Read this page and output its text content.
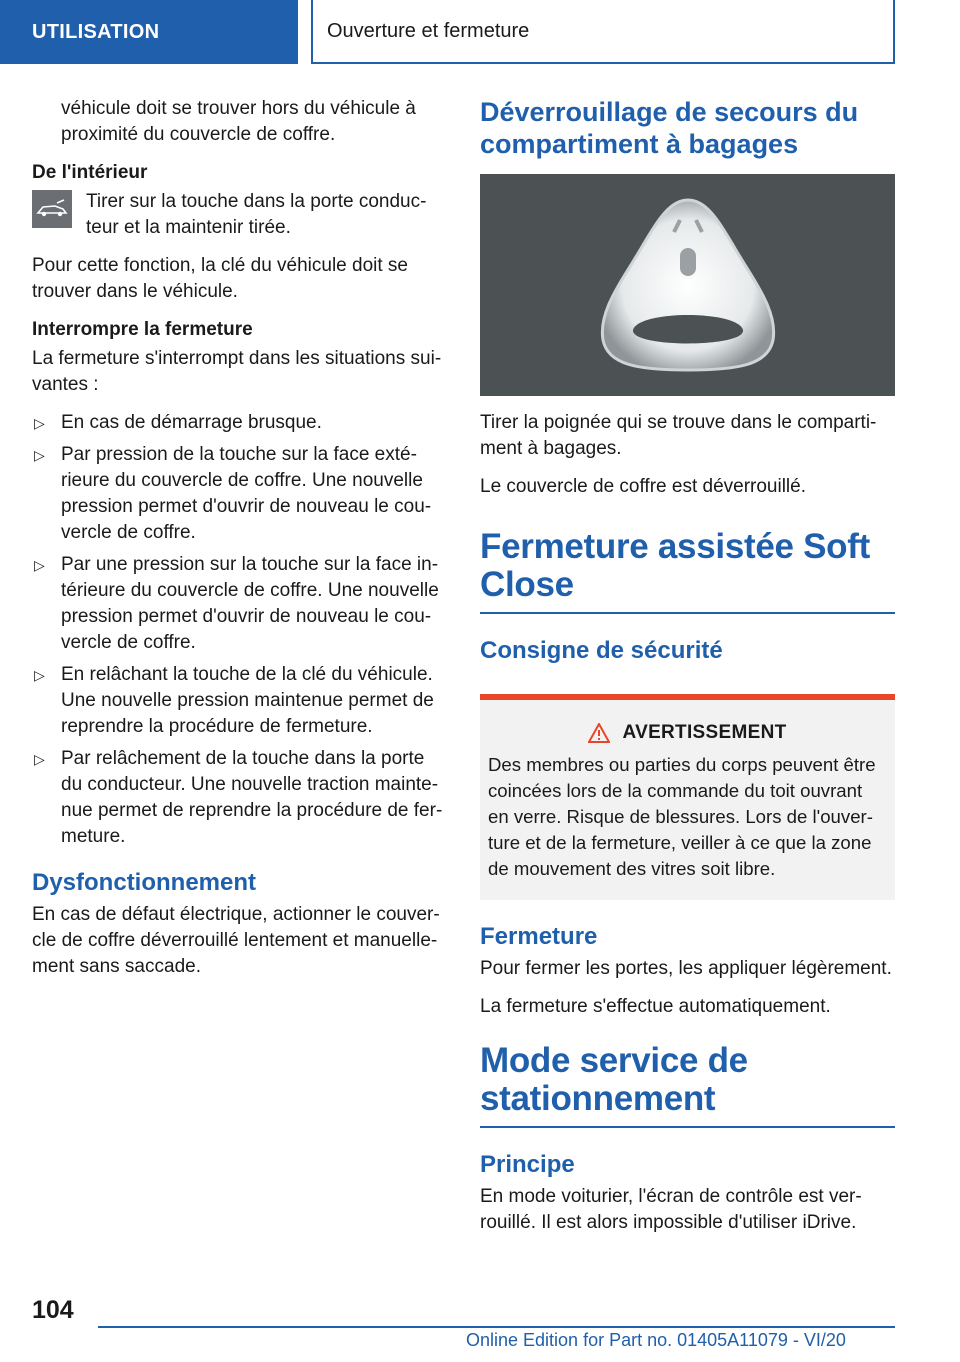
UTILISATION	Ouverture et fermeture

véhicule doit se trouver hors du véhicule à proximité du couvercle de coffre.

De l'intérieur

Tirer sur la touche dans la porte conduc-teur et la maintenir tirée.

Pour cette fonction, la clé du véhicule doit se trouver dans le véhicule.

Interrompre la fermeture

La fermeture s'interrompt dans les situations sui-vantes :

▷ En cas de démarrage brusque.
▷ Par pression de la touche sur la face exté-rieure du couvercle de coffre. Une nouvelle pression permet d'ouvrir de nouveau le cou-vercle de coffre.
▷ Par une pression sur la touche sur la face in-térieure du couvercle de coffre. Une nouvelle pression permet d'ouvrir de nouveau le cou-vercle de coffre.
▷ En relâchant la touche de la clé du véhicule. Une nouvelle pression maintenue permet de reprendre la procédure de fermeture.
▷ Par relâchement de la touche dans la porte du conducteur. Une nouvelle traction mainte-nue permet de reprendre la procédure de fer-meture.
Dysfonctionnement

En cas de défaut électrique, actionner le couver-cle de coffre déverrouillé lentement et manuelle-ment sans saccade.

Déverrouillage de secours du compartiment à bagages

Tirer la poignée qui se trouve dans le comparti-ment à bagages.

Le couvercle de coffre est déverrouillé.

Fermeture assistée Soft Close
Consigne de sécurité
AVERTISSEMENT

Des membres ou parties du corps peuvent être coincées lors de la commande du toit ouvrant en verre. Risque de blessures. Lors de l'ouver-ture et de la fermeture, veiller à ce que la zone de mouvement des vitres soit libre.

Fermeture

Pour fermer les portes, les appliquer légèrement.

La fermeture s'effectue automatiquement.

Mode service de stationnement
Principe

En mode voiturier, l'écran de contrôle est ver-rouillé. Il est alors impossible d'utiliser iDrive.

104
Online Edition for Part no. 01405A11079 - VI/20
